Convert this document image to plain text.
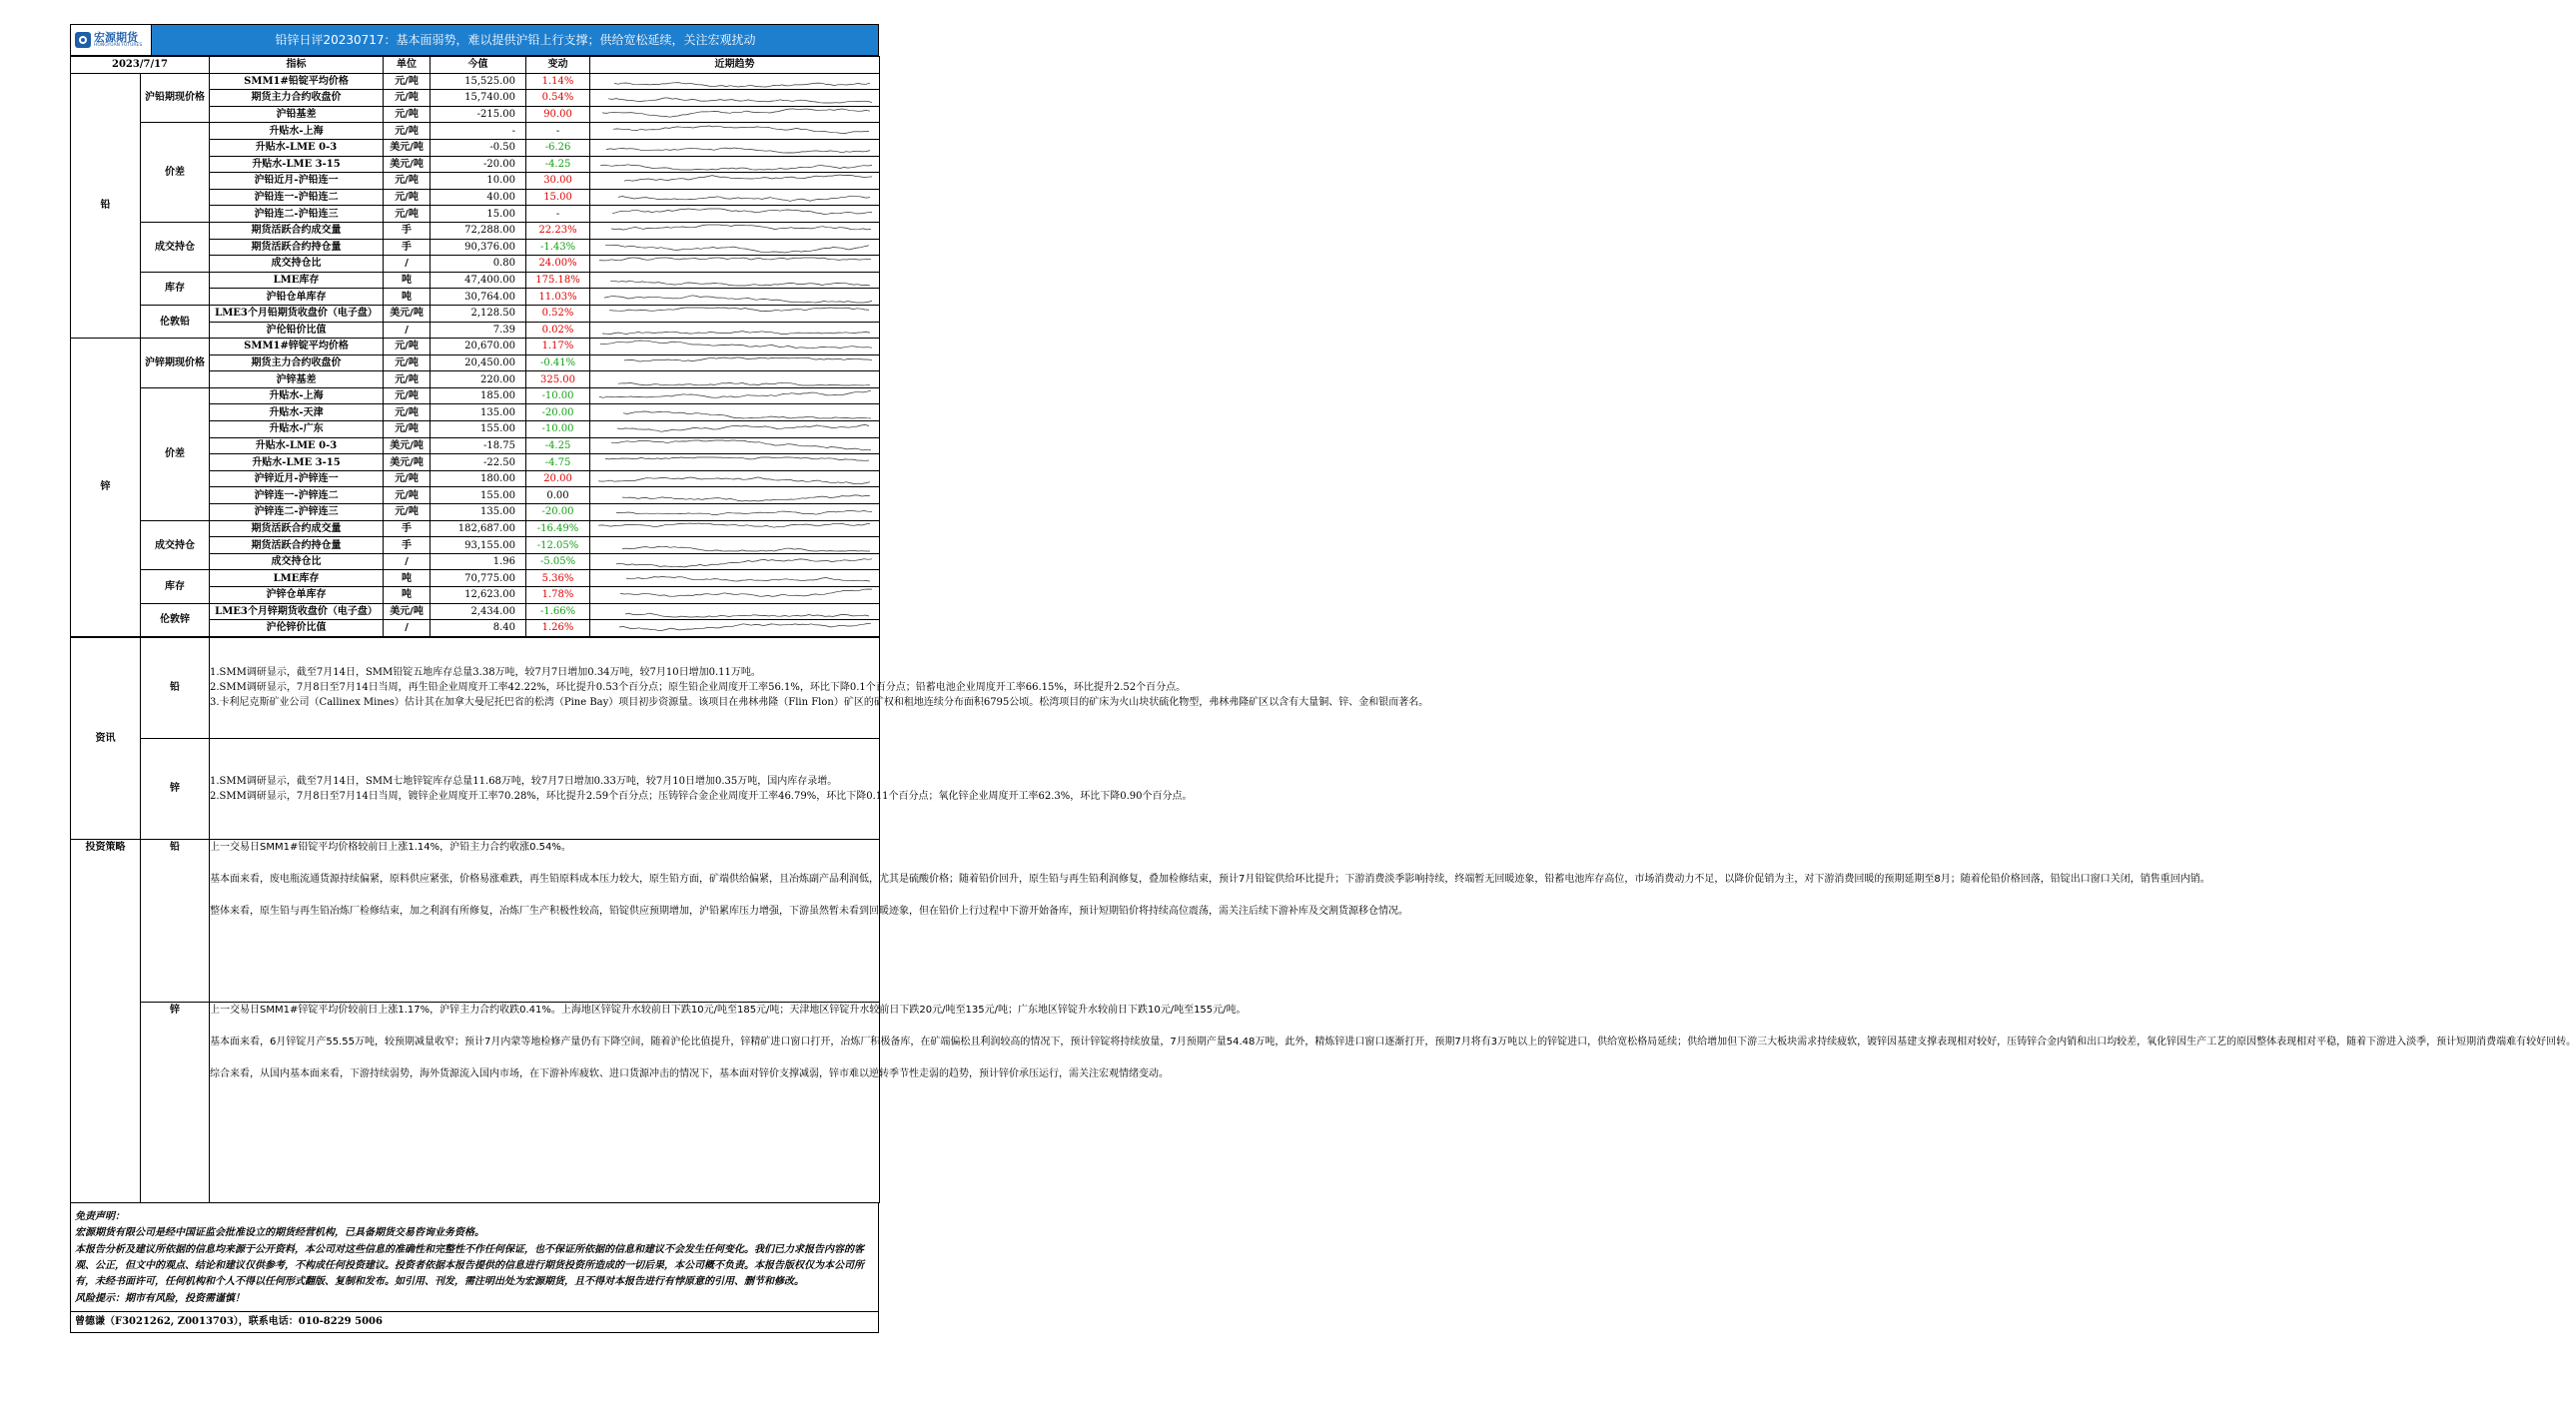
宏源期货
HONGYUAN FUTURES	铅锌日评20230717：基本面弱势，难以提供沪铅上行支撑；供给宽松延续，关注宏观扰动
2023/7/17		指标	单位	今值	变动	近期趋势
铅	沪铅期现价格	SMM1#铅锭平均价格	元/吨	15,525.00	1.14%	

		期货主力合约收盘价	元/吨	15,740.00	0.54%	

		沪铅基差	元/吨	-215.00	90.00	

	价差	升贴水-上海	元/吨	-	-	

		升贴水-LME 0-3	美元/吨	-0.50	-6.26	

		升贴水-LME 3-15	美元/吨	-20.00	-4.25	

		沪铅近月-沪铅连一	元/吨	10.00	30.00	

		沪铅连一-沪铅连二	元/吨	40.00	15.00	

		沪铅连二-沪铅连三	元/吨	15.00	-	

	成交持仓	期货活跃合约成交量	手	72,288.00	22.23%	

		期货活跃合约持仓量	手	90,376.00	-1.43%	

		成交持仓比	/	0.80	24.00%	

	库存	LME库存	吨	47,400.00	175.18%	

		沪铅仓单库存	吨	30,764.00	11.03%	

	伦敦铅	LME3个月铅期货收盘价（电子盘）	美元/吨	2,128.50	0.52%	

		沪伦铅价比值	/	7.39	0.02%	

锌	沪锌期现价格	SMM1#锌锭平均价格	元/吨	20,670.00	1.17%	

		期货主力合约收盘价	元/吨	20,450.00	-0.41%	

		沪锌基差	元/吨	220.00	325.00	

	价差	升贴水-上海	元/吨	185.00	-10.00	

		升贴水-天津	元/吨	135.00	-20.00	

		升贴水-广东	元/吨	155.00	-10.00	

		升贴水-LME 0-3	美元/吨	-18.75	-4.25	

		升贴水-LME 3-15	美元/吨	-22.50	-4.75	

		沪锌近月-沪锌连一	元/吨	180.00	20.00	

		沪锌连一-沪锌连二	元/吨	155.00	0.00	

		沪锌连二-沪锌连三	元/吨	135.00	-20.00	

	成交持仓	期货活跃合约成交量	手	182,687.00	-16.49%	

		期货活跃合约持仓量	手	93,155.00	-12.05%	

		成交持仓比	/	1.96	-5.05%	

	库存	LME库存	吨	70,775.00	5.36%	

		沪锌仓单库存	吨	12,623.00	1.78%	

	伦敦锌	LME3个月锌期货收盘价（电子盘）	美元/吨	2,434.00	-1.66%	

		沪伦锌价比值	/	8.40	1.26%	
资讯	铅	1.SMM调研显示，截至7月14日，SMM铅锭五地库存总量3.38万吨，较7月7日增加0.34万吨，较7月10日增加0.11万吨。

2.SMM调研显示，7月8日至7月14日当周，再生铅企业周度开工率42.22%，环比提升0.53个百分点；原生铅企业周度开工率56.1%，环比下降0.1个百分点；铅蓄电池企业周度开工率66.15%，环比提升2.52个百分点。

3.卡利尼克斯矿业公司（Callinex Mines）估计其在加拿大曼尼托巴省的松湾（Pine Bay）项目初步资源量。该项目在弗林弗隆（Flin Flon）矿区的矿权和租地连续分布面积6795公顷。松湾项目的矿床为火山块状硫化物型，弗林弗隆矿区以含有大量铜、锌、金和银而著名。

	锌	1.SMM调研显示，截至7月14日，SMM七地锌锭库存总量11.68万吨，较7月7日增加0.33万吨，较7月10日增加0.35万吨，国内库存录增。

2.SMM调研显示，7月8日至7月14日当周，镀锌企业周度开工率70.28%，环比提升2.59个百分点；压铸锌合金企业周度开工率46.79%，环比下降0.11个百分点；氧化锌企业周度开工率62.3%，环比下降0.90个百分点。

投资策略	铅	上一交易日SMM1#铅锭平均价格较前日上涨1.14%，沪铅主力合约收涨0.54%。

基本面来看，废电瓶流通货源持续偏紧，原料供应紧张，价格易涨难跌，再生铅原料成本压力较大，原生铅方面，矿端供给偏紧，且冶炼副产品利润低，尤其是硫酸价格；随着铅价回升，原生铅与再生铅利润修复，叠加检修结束，预计7月铅锭供给环比提升；下游消费淡季影响持续，终端暂无回暖迹象，铅蓄电池库存高位，市场消费动力不足，以降价促销为主，对下游消费回暖的预期延期至8月；随着伦铅价格回落，铅锭出口窗口关闭，销售重回内销。

整体来看，原生铅与再生铅冶炼厂检修结束，加之利润有所修复，冶炼厂生产积极性较高，铅锭供应预期增加，沪铅累库压力增强，下游虽然暂未看到回暖迹象，但在铅价上行过程中下游开始备库，预计短期铅价将持续高位震荡，需关注后续下游补库及交割货源移仓情况。

	锌	上一交易日SMM1#锌锭平均价较前日上涨1.17%，沪锌主力合约收跌0.41%。上海地区锌锭升水较前日下跌10元/吨至185元/吨；天津地区锌锭升水较前日下跌20元/吨至135元/吨；广东地区锌锭升水较前日下跌10元/吨至155元/吨。

基本面来看，6月锌锭月产55.55万吨，较预期减量收窄；预计7月内蒙等地检修产量仍有下降空间，随着沪伦比值提升，锌精矿进口窗口打开，冶炼厂积极备库，在矿端偏松且利润较高的情况下，预计锌锭将持续放量，7月预期产量54.48万吨，此外，精炼锌进口窗口逐渐打开，预期7月将有3万吨以上的锌锭进口，供给宽松格局延续；供给增加但下游三大板块需求持续疲软，镀锌因基建支撑表现相对较好，压铸锌合金内销和出口均较差，氧化锌因生产工艺的原因整体表现相对平稳，随着下游进入淡季，预计短期消费端难有较好回转。

综合来看，从国内基本面来看，下游持续弱势，海外货源流入国内市场，在下游补库疲软、进口货源冲击的情况下，基本面对锌价支撑减弱，锌市难以逆转季节性走弱的趋势，预计锌价承压运行，需关注宏观情绪变动。

免责声明：

宏源期货有限公司是经中国证监会批准设立的期货经营机构，已具备期货交易咨询业务资格。

本报告分析及建议所依据的信息均来源于公开资料，本公司对这些信息的准确性和完整性不作任何保证，也不保证所依据的信息和建议不会发生任何变化。我们已力求报告内容的客观、公正，但文中的观点、结论和建议仅供参考，不构成任何投资建议。投资者依据本报告提供的信息进行期货投资所造成的一切后果，本公司概不负责。本报告版权仅为本公司所有，未经书面许可，任何机构和个人不得以任何形式翻版、复制和发布。如引用、刊发，需注明出处为宏源期货，且不得对本报告进行有悖原意的引用、删节和修改。

风险提示：期市有风险，投资需谨慎！

曾德谦（F3021262, Z0013703），联系电话：010-8229 5006
